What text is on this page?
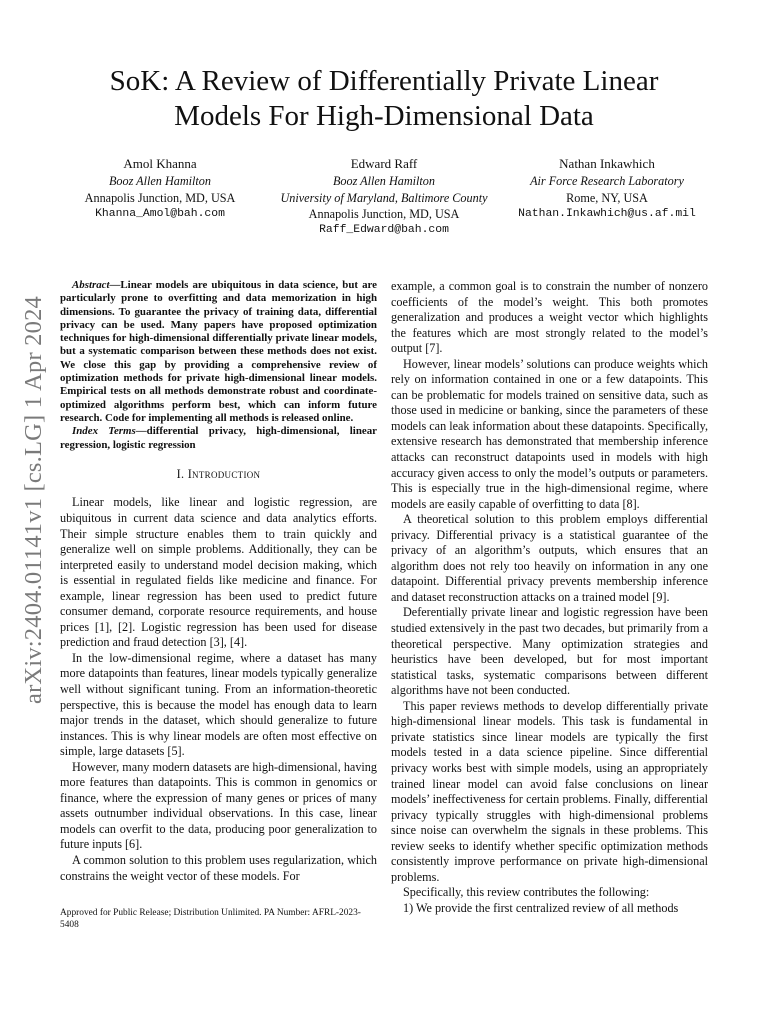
arXiv:2404.01141v1 [cs.LG] 1 Apr 2024
SoK: A Review of Differentially Private Linear
Models For High-Dimensional Data
Amol Khanna
Booz Allen Hamilton
Annapolis Junction, MD, USA
Khanna_Amol@bah.com
Edward Raff
Booz Allen Hamilton
University of Maryland, Baltimore County
Annapolis Junction, MD, USA
Raff_Edward@bah.com
Nathan Inkawhich
Air Force Research Laboratory
Rome, NY, USA
Nathan.Inkawhich@us.af.mil

Abstract—Linear models are ubiquitous in data science, but are particularly prone to overfitting and data memorization in high dimensions. To guarantee the privacy of training data, differential privacy can be used. Many papers have proposed optimization techniques for high-dimensional differentially private linear models, but a systematic comparison between these methods does not exist. We close this gap by providing a comprehensive review of optimization methods for private high-dimensional linear models. Empirical tests on all methods demonstrate robust and coordinate-optimized algorithms perform best, which can inform future research. Code for implementing all methods is released online.

Index Terms—differential privacy, high-dimensional, linear regression, logistic regression

I. Introduction

Linear models, like linear and logistic regression, are ubiquitous in current data science and data analytics efforts. Their simple structure enables them to train quickly and generalize well on simple problems. Additionally, they can be interpreted easily to understand model decision making, which is essential in regulated fields like medicine and finance. For example, linear regression has been used to predict future consumer demand, corporate resource requirements, and house prices [1], [2]. Logistic regression has been used for disease prediction and fraud detection [3], [4].

In the low-dimensional regime, where a dataset has many more datapoints than features, linear models typically generalize well without significant tuning. From an information-theoretic perspective, this is because the model has enough data to learn major trends in the dataset, which should generalize to future instances. This is why linear models are often most effective on simple, large datasets [5].

However, many modern datasets are high-dimensional, having more features than datapoints. This is common in genomics or finance, where the expression of many genes or prices of many assets outnumber individual observations. In this case, linear models can overfit to the data, producing poor generalization to future inputs [6].

A common solution to this problem uses regularization, which constrains the weight vector of these models. For

Approved for Public Release; Distribution Unlimited. PA Number: AFRL-2023-5408

example, a common goal is to constrain the number of nonzero coefficients of the model’s weight. This both promotes generalization and produces a weight vector which highlights the features which are most strongly related to the model’s output [7].

However, linear models’ solutions can produce weights which rely on information contained in one or a few datapoints. This can be problematic for models trained on sensitive data, such as those used in medicine or banking, since the parameters of these models can leak information about these datapoints. Specifically, extensive research has demonstrated that membership inference attacks can reconstruct datapoints used in models with high accuracy given access to only the model’s outputs or parameters. This is especially true in the high-dimensional regime, where models are easily capable of overfitting to data [8].

A theoretical solution to this problem employs differential privacy. Differential privacy is a statistical guarantee of the privacy of an algorithm’s outputs, which ensures that an algorithm does not rely too heavily on information in any one datapoint. Differential privacy prevents membership inference and dataset reconstruction attacks on a trained model [9].

Deferentially private linear and logistic regression have been studied extensively in the past two decades, but primarily from a theoretical perspective. Many optimization strategies and heuristics have been developed, but for most important statistical tasks, systematic comparisons between different algorithms have not been conducted.

This paper reviews methods to develop differentially private high-dimensional linear models. This task is fundamental in private statistics since linear models are typically the first models tested in a data science pipeline. Since differential privacy works best with simple models, using an appropriately trained linear model can avoid false conclusions on linear models’ ineffectiveness for certain problems. Finally, differential privacy typically struggles with high-dimensional problems since noise can overwhelm the signals in these problems. This review seeks to identify whether specific optimization methods consistently improve performance on private high-dimensional problems.

Specifically, this review contributes the following:

1) We provide the first centralized review of all methods
